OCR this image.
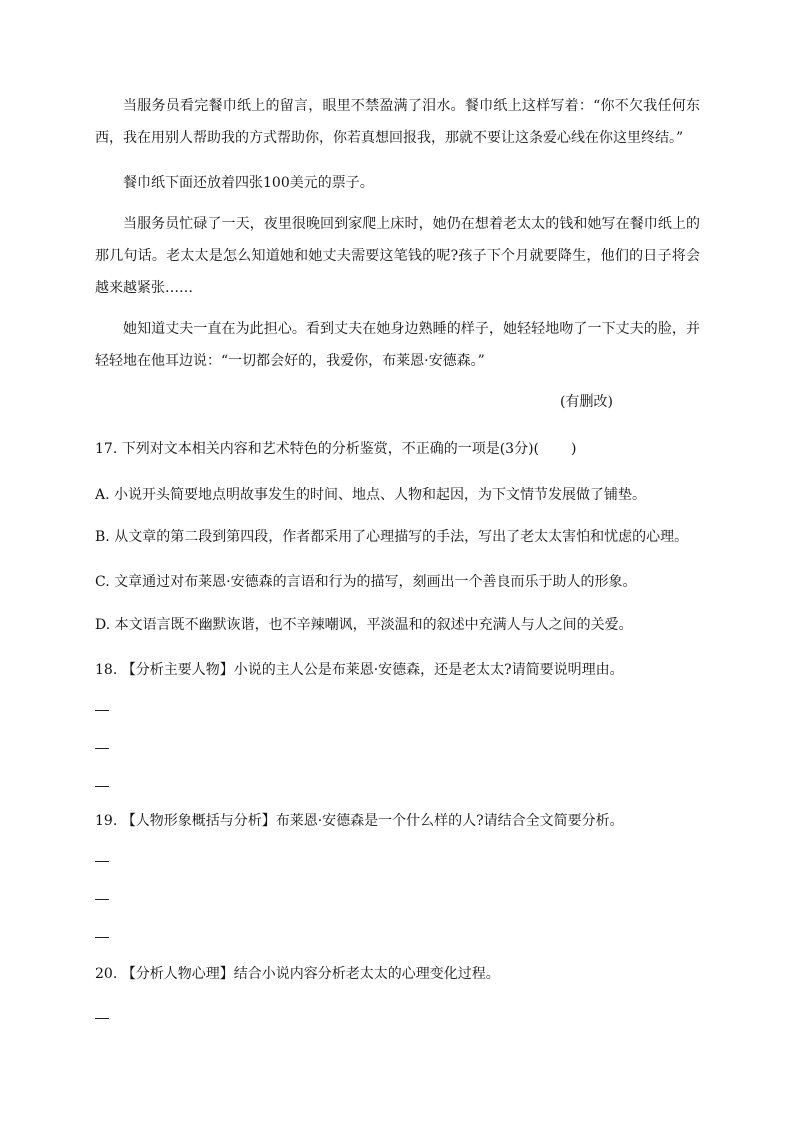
当服务员看完餐巾纸上的留言，眼里不禁盈满了泪水。餐巾纸上这样写着：“你不欠我任何东西，我在用别人帮助我的方式帮助你，你若真想回报我，那就不要让这条爱心线在你这里终结。”

餐巾纸下面还放着四张100美元的票子。

当服务员忙碌了一天，夜里很晚回到家爬上床时，她仍在想着老太太的钱和她写在餐巾纸上的那几句话。老太太是怎么知道她和她丈夫需要这笔钱的呢?孩子下个月就要降生，他们的日子将会越来越紧张……

她知道丈夫一直在为此担心。看到丈夫在她身边熟睡的样子，她轻轻地吻了一下丈夫的脸，并轻轻地在他耳边说：“一切都会好的，我爱你，布莱恩·安德森。”

(有删改)

17. 下列对文本相关内容和艺术特色的分析鉴赏，不正确的一项是(3分)( )

A. 小说开头简要地点明故事发生的时间、地点、人物和起因，为下文情节发展做了铺垫。

B. 从文章的第二段到第四段，作者都采用了心理描写的手法，写出了老太太害怕和忧虑的心理。

C. 文章通过对布莱恩·安德森的言语和行为的描写，刻画出一个善良而乐于助人的形象。

D. 本文语言既不幽默诙谐，也不辛辣嘲讽，平淡温和的叙述中充满人与人之间的关爱。

18. 【分析主要人物】小说的主人公是布莱恩·安德森，还是老太太?请简要说明理由。

19. 【人物形象概括与分析】布莱恩·安德森是一个什么样的人?请结合全文简要分析。

20. 【分析人物心理】结合小说内容分析老太太的心理变化过程。
